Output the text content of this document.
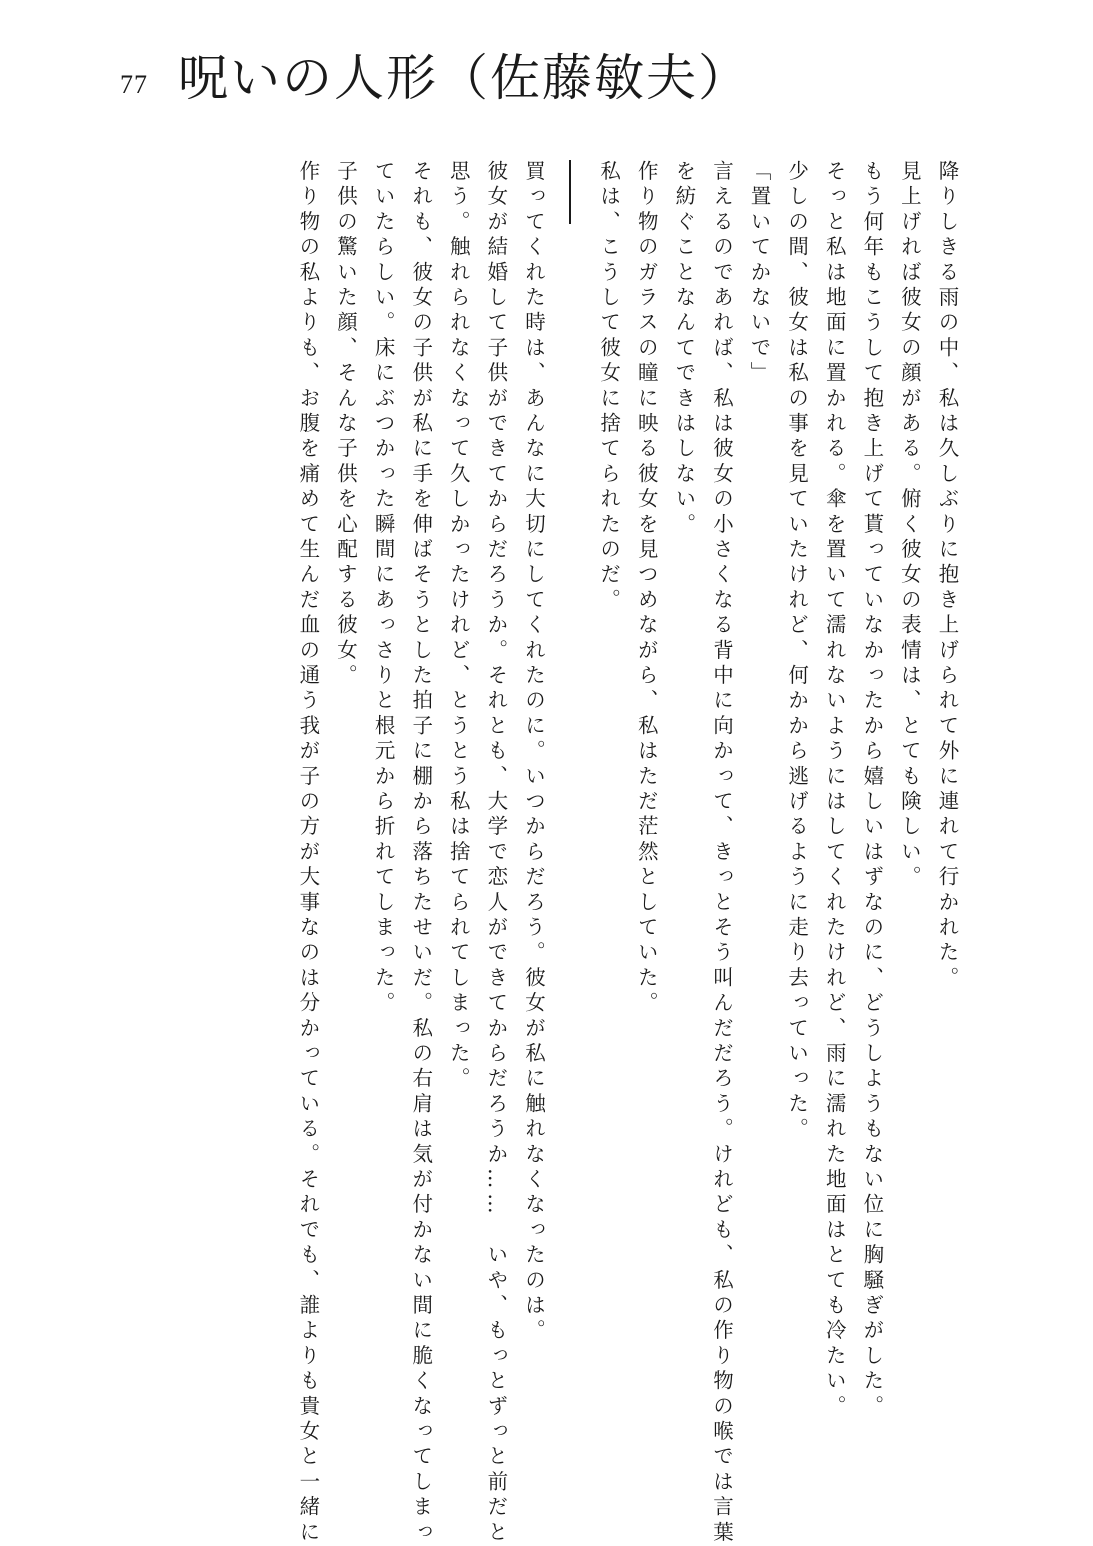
77 呪いの人形（佐藤敏夫）
降りしきる雨の中、私は久しぶりに抱き上げられて外に連れて行かれた。
見上げれば彼女の顔がある。俯く彼女の表情は、とても険しい。
もう何年もこうして抱き上げて貰っていなかったから嬉しいはずなのに、どうしようもない位に胸騒ぎがした。
そっと私は地面に置かれる。傘を置いて濡れないようにはしてくれたけれど、雨に濡れた地面はとても冷たい。
少しの間、彼女は私の事を見ていたけれど、何かから逃げるように走り去っていった。
「置いてかないで」
言えるのであれば、私は彼女の小さくなる背中に向かって、きっとそう叫んだだろう。けれども、私の作り物の喉では言葉
を紡ぐことなんてできはしない。
作り物のガラスの瞳に映る彼女を見つめながら、私はただ茫然としていた。
私は、こうして彼女に捨てられたのだ。
買ってくれた時は、あんなに大切にしてくれたのに。いつからだろう。彼女が私に触れなくなったのは。
彼女が結婚して子供ができてからだろうか。それとも、大学で恋人ができてからだろうか……　いや、もっとずっと前だと
思う。触れられなくなって久しかったけれど、とうとう私は捨てられてしまった。
それも、彼女の子供が私に手を伸ばそうとした拍子に棚から落ちたせいだ。私の右肩は気が付かない間に脆くなってしまっ
ていたらしい。床にぶつかった瞬間にあっさりと根元から折れてしまった。
子供の驚いた顔、そんな子供を心配する彼女。
作り物の私よりも、お腹を痛めて生んだ血の通う我が子の方が大事なのは分かっている。それでも、誰よりも貴女と一緒に
